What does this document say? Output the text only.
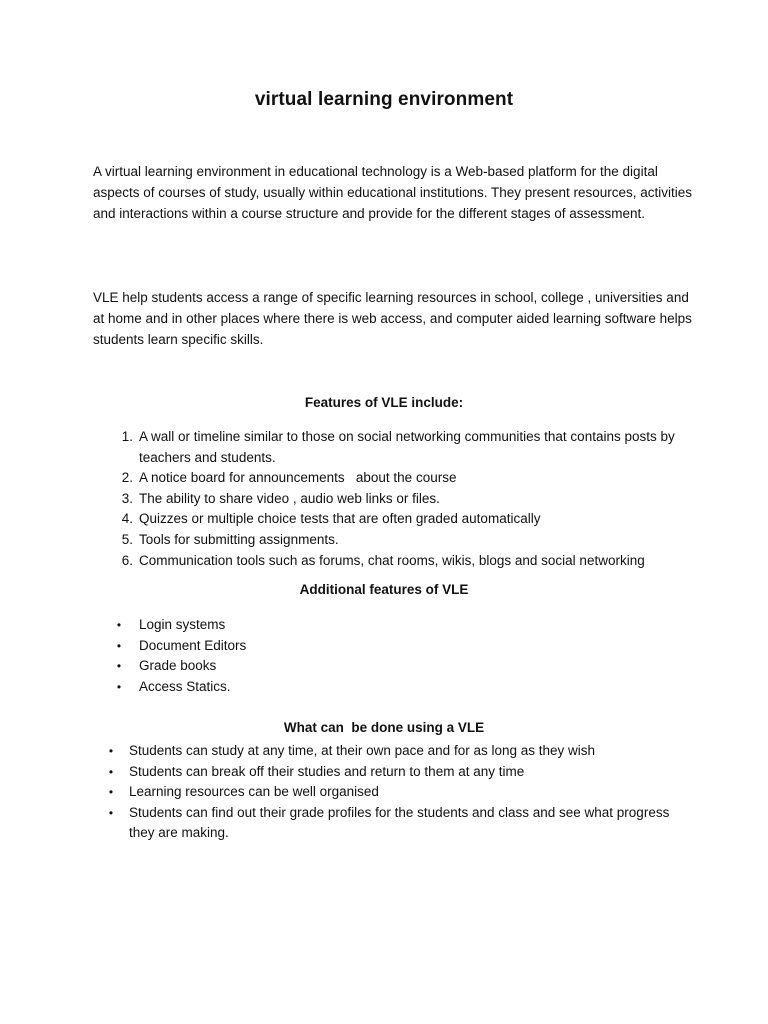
virtual learning environment

A virtual learning environment in educational technology is a Web-based platform for the digital aspects of courses of study, usually within educational institutions. They present resources, activities and interactions within a course structure and provide for the different stages of assessment.

VLE help students access a range of specific learning resources in school, college , universities and at home and in other places where there is web access, and computer aided learning software helps students learn specific skills.

Features of VLE include:
1. A wall or timeline similar to those on social networking communities that contains posts by teachers and students.
2. A notice board for announcements   about the course
3. The ability to share video , audio web links or files.
4. Quizzes or multiple choice tests that are often graded automatically
5. Tools for submitting assignments.
6. Communication tools such as forums, chat rooms, wikis, blogs and social networking
Additional features of VLE
• Login systems
• Document Editors
• Grade books
• Access Statics.
What can  be done using a VLE
• Students can study at any time, at their own pace and for as long as they wish
• Students can break off their studies and return to them at any time
• Learning resources can be well organised
• Students can find out their grade profiles for the students and class and see what progress they are making.
